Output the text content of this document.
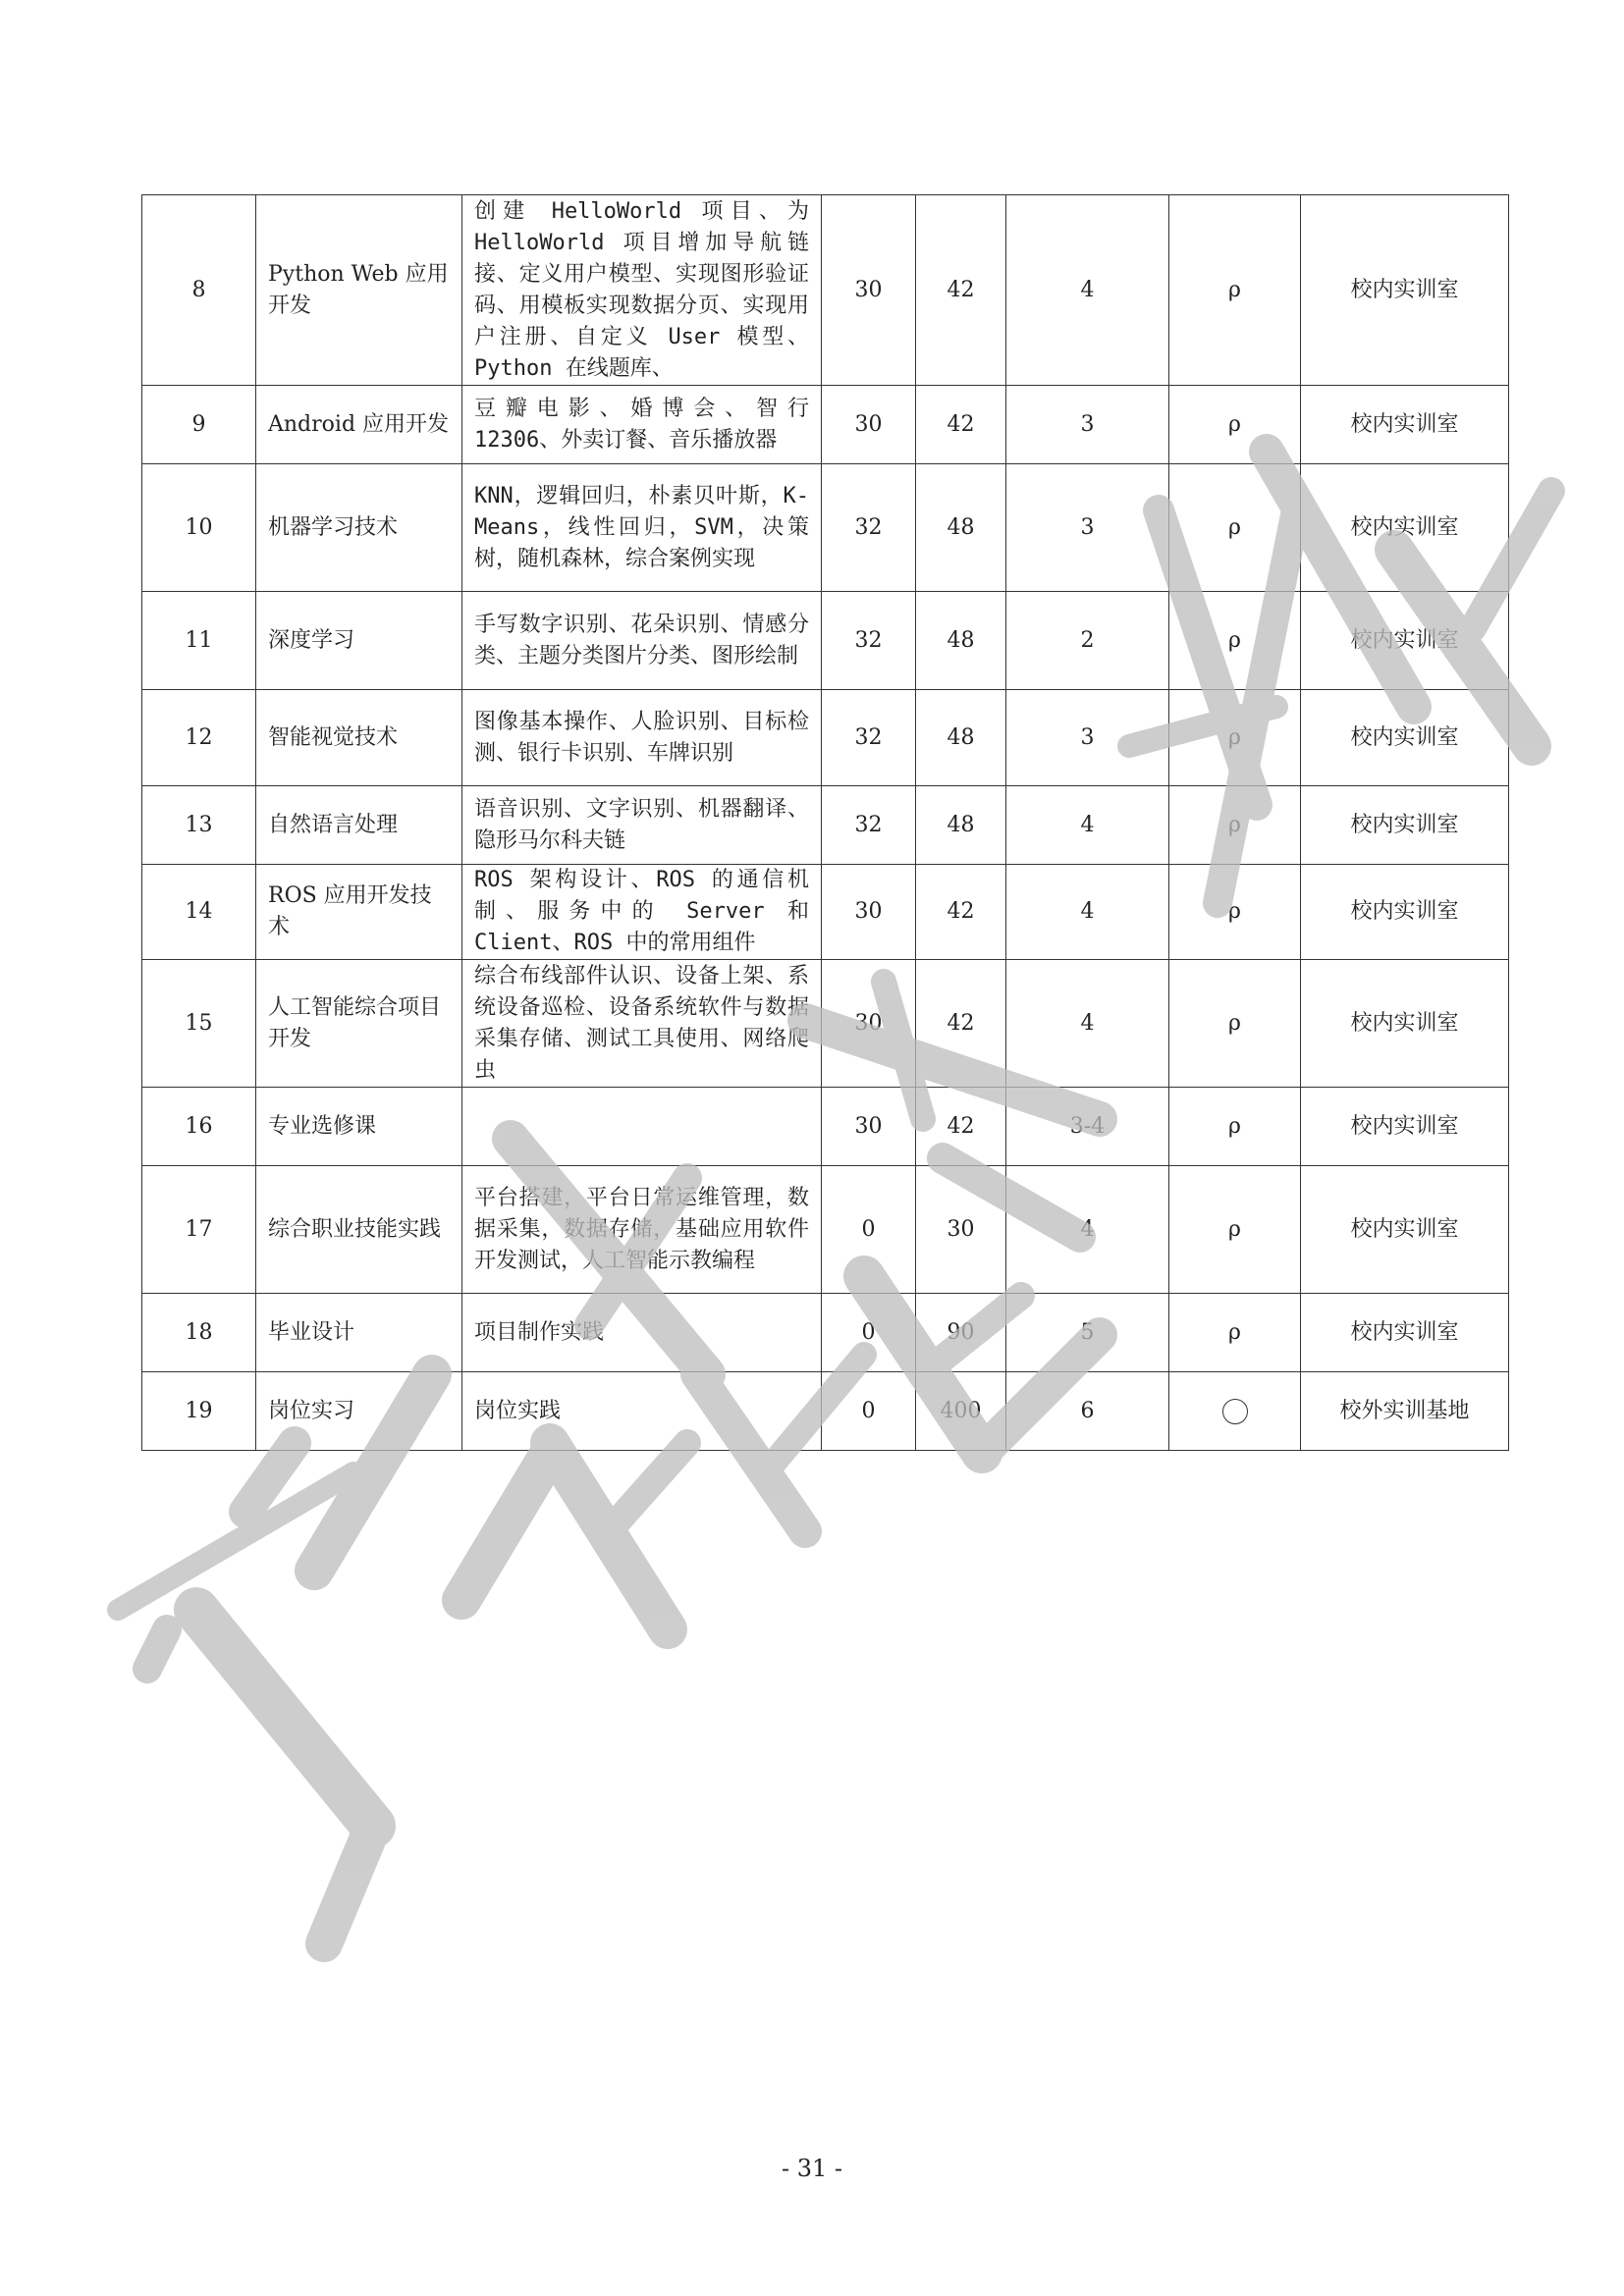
8	Python Web 应用开发	创建 HelloWorld 项目、为 HelloWorld 项目增加导航链接、定义用户模型、实现图形验证码、用模板实现数据分页、实现用户注册、自定义 User 模型、Python 在线题库、	30	42	4	ρ	校内实训室
9	Android 应用开发	豆瓣电影、婚博会、智行 12306、外卖订餐、音乐播放器	30	42	3	ρ	校内实训室
10	机器学习技术	KNN，逻辑回归，朴素贝叶斯，K-Means，线性回归，SVM，决策树，随机森林，综合案例实现	32	48	3	ρ	校内实训室
11	深度学习	手写数字识别、花朵识别、情感分类、主题分类图片分类、图形绘制	32	48	2	ρ	校内实训室
12	智能视觉技术	图像基本操作、人脸识别、目标检测、银行卡识别、车牌识别	32	48	3	ρ	校内实训室
13	自然语言处理	语音识别、文字识别、机器翻译、隐形马尔科夫链	32	48	4	ρ	校内实训室
14	ROS 应用开发技术	ROS 架构设计、ROS 的通信机制、服务中的 Server 和 Client、ROS 中的常用组件	30	42	4	ρ	校内实训室
15	人工智能综合项目开发	综合布线部件认识、设备上架、系统设备巡检、设备系统软件与数据采集存储、测试工具使用、网络爬虫	30	42	4	ρ	校内实训室
16	专业选修课		30	42	3-4	ρ	校内实训室
17	综合职业技能实践	平台搭建，平台日常运维管理，数据采集，数据存储，基础应用软件开发测试，人工智能示教编程	0	30	4	ρ	校内实训室
18	毕业设计	项目制作实践	0	90	5	ρ	校内实训室
19	岗位实习	岗位实践	0	400	6		校外实训基地
- 31 -
